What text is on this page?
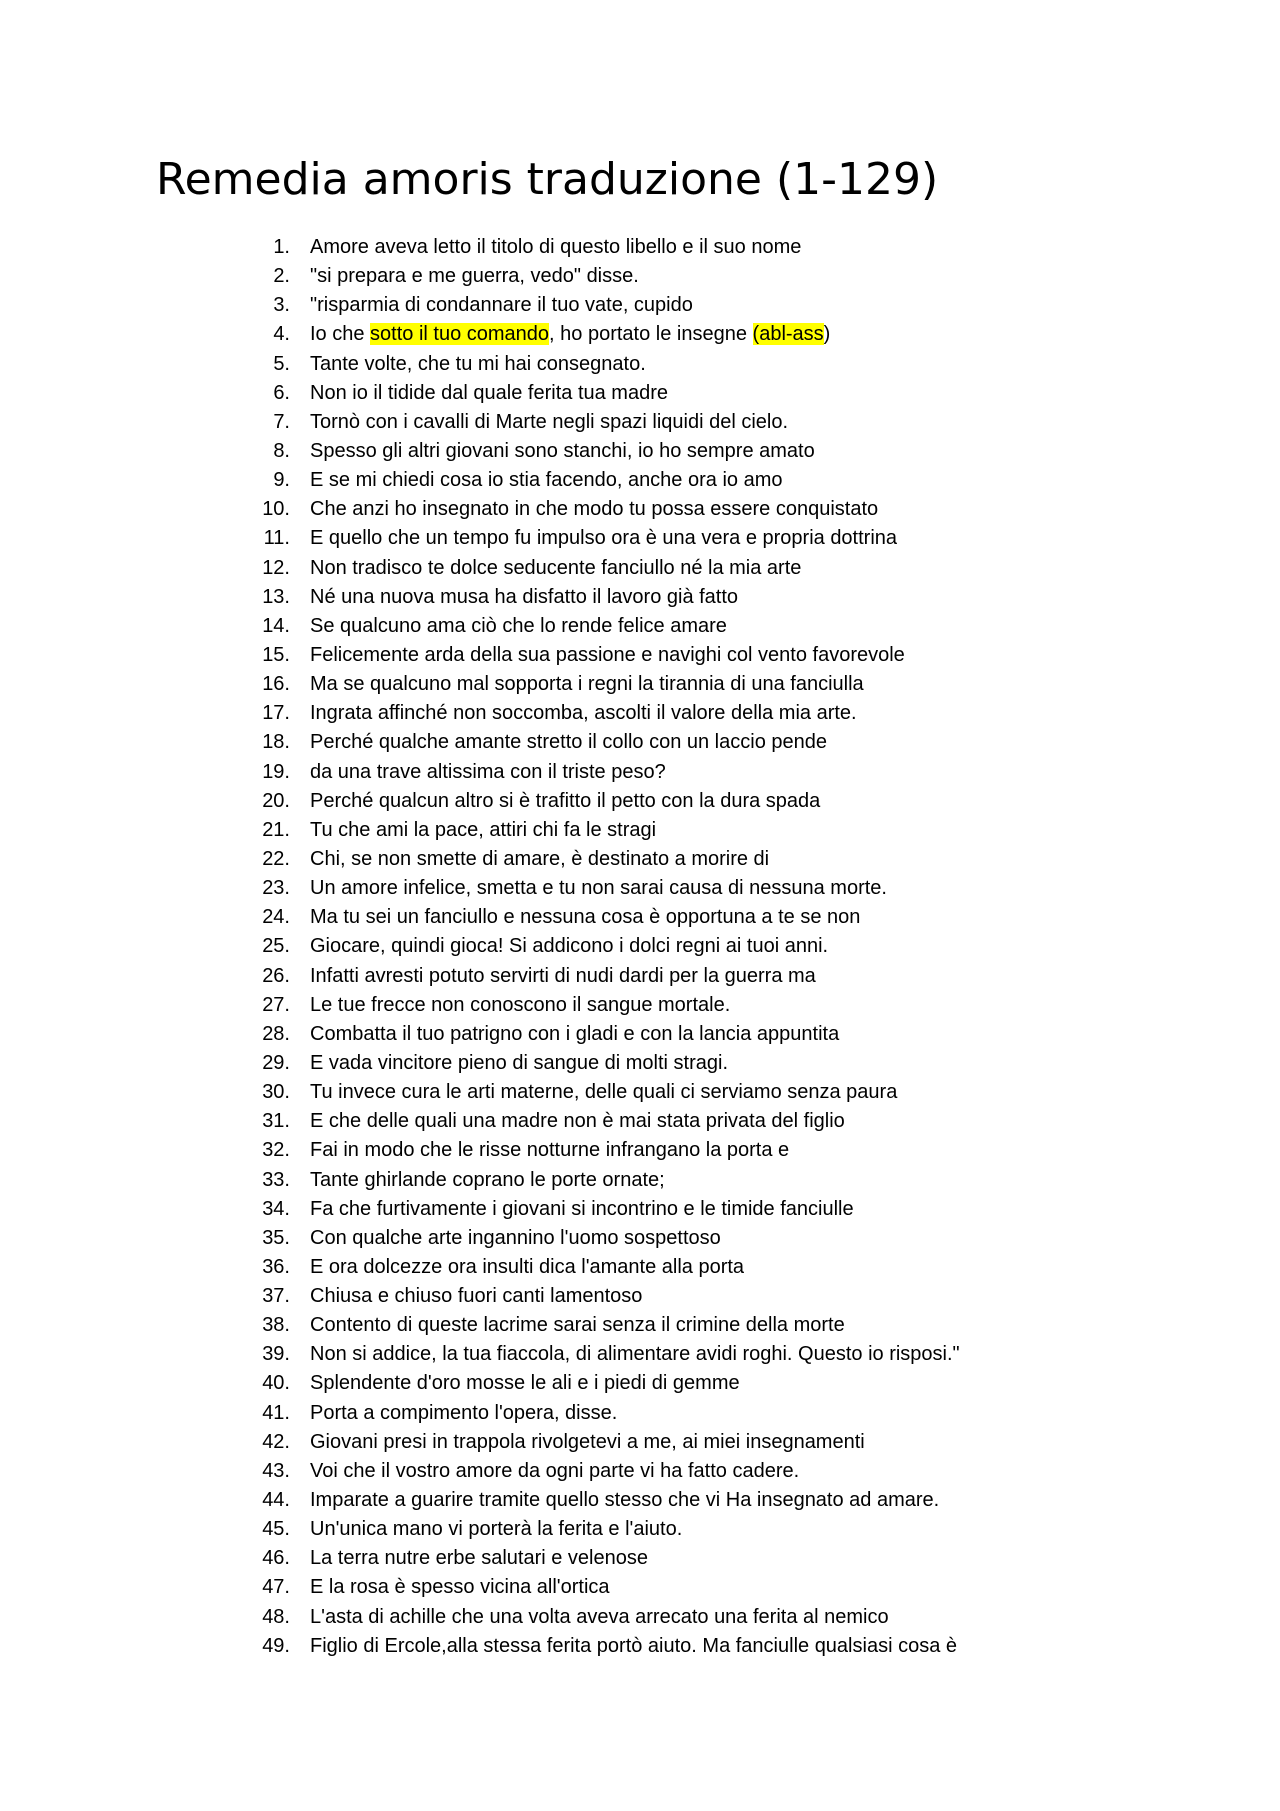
Remedia amoris traduzione (1-129)
1. Amore aveva letto il titolo di questo libello e il suo nome
2. "si prepara e me guerra, vedo" disse.
3. "risparmia di condannare il tuo vate, cupido
4. Io che sotto il tuo comando, ho portato le insegne (abl-ass)
5. Tante volte, che tu mi hai consegnato.
6. Non io il tidide dal quale ferita tua madre
7. Tornò con i cavalli di Marte negli spazi liquidi del cielo.
8. Spesso gli altri giovani sono stanchi, io ho sempre amato
9. E se mi chiedi cosa io stia facendo, anche ora io amo
10. Che anzi ho insegnato in che modo tu possa essere conquistato
11. E quello che un tempo fu impulso ora è una vera e propria dottrina
12. Non tradisco te dolce seducente fanciullo né la mia arte
13. Né una nuova musa ha disfatto il lavoro già fatto
14. Se qualcuno ama ciò che lo rende felice amare
15. Felicemente arda della sua passione e navighi col vento favorevole
16. Ma se qualcuno mal sopporta i regni la tirannia di una fanciulla
17. Ingrata affinché non soccomba, ascolti il valore della mia arte.
18. Perché qualche amante stretto il collo con un laccio pende
19. da una trave altissima con il triste peso?
20. Perché qualcun altro si è trafitto il petto con la dura spada
21. Tu che ami la pace, attiri chi fa le stragi
22. Chi, se non smette di amare, è destinato a morire di
23. Un amore infelice, smetta e tu non sarai causa di nessuna morte.
24. Ma tu sei un fanciullo e nessuna cosa è opportuna a te se non
25. Giocare, quindi gioca! Si addicono i dolci regni ai tuoi anni.
26. Infatti avresti potuto servirti di nudi dardi per la guerra ma
27. Le tue frecce non conoscono il sangue mortale.
28. Combatta il tuo patrigno con i gladi e con la lancia appuntita
29. E vada vincitore pieno di sangue di molti stragi.
30. Tu invece cura le arti materne, delle quali ci serviamo senza paura
31. E che delle quali una madre non è mai stata privata del figlio
32. Fai in modo che le risse notturne infrangano la porta e
33. Tante ghirlande coprano le porte ornate;
34. Fa che furtivamente i giovani si incontrino e le timide fanciulle
35. Con qualche arte ingannino l'uomo sospettoso
36. E ora dolcezze ora insulti dica l'amante alla porta
37. Chiusa e chiuso fuori canti lamentoso
38. Contento di queste lacrime sarai senza il crimine della morte
39. Non si addice, la tua fiaccola, di alimentare avidi roghi. Questo io risposi."
40. Splendente d'oro mosse le ali e i piedi di gemme
41. Porta a compimento l'opera, disse.
42. Giovani presi in trappola rivolgetevi a me, ai miei insegnamenti
43. Voi che il vostro amore da ogni parte vi ha fatto cadere.
44. Imparate a guarire tramite quello stesso che vi Ha insegnato ad amare.
45. Un'unica mano vi porterà la ferita e l'aiuto.
46. La terra nutre erbe salutari e velenose
47. E la rosa è spesso vicina all'ortica
48. L'asta di achille che una volta aveva arrecato una ferita al nemico
49. Figlio di Ercole,alla stessa ferita portò aiuto. Ma fanciulle qualsiasi cosa è
